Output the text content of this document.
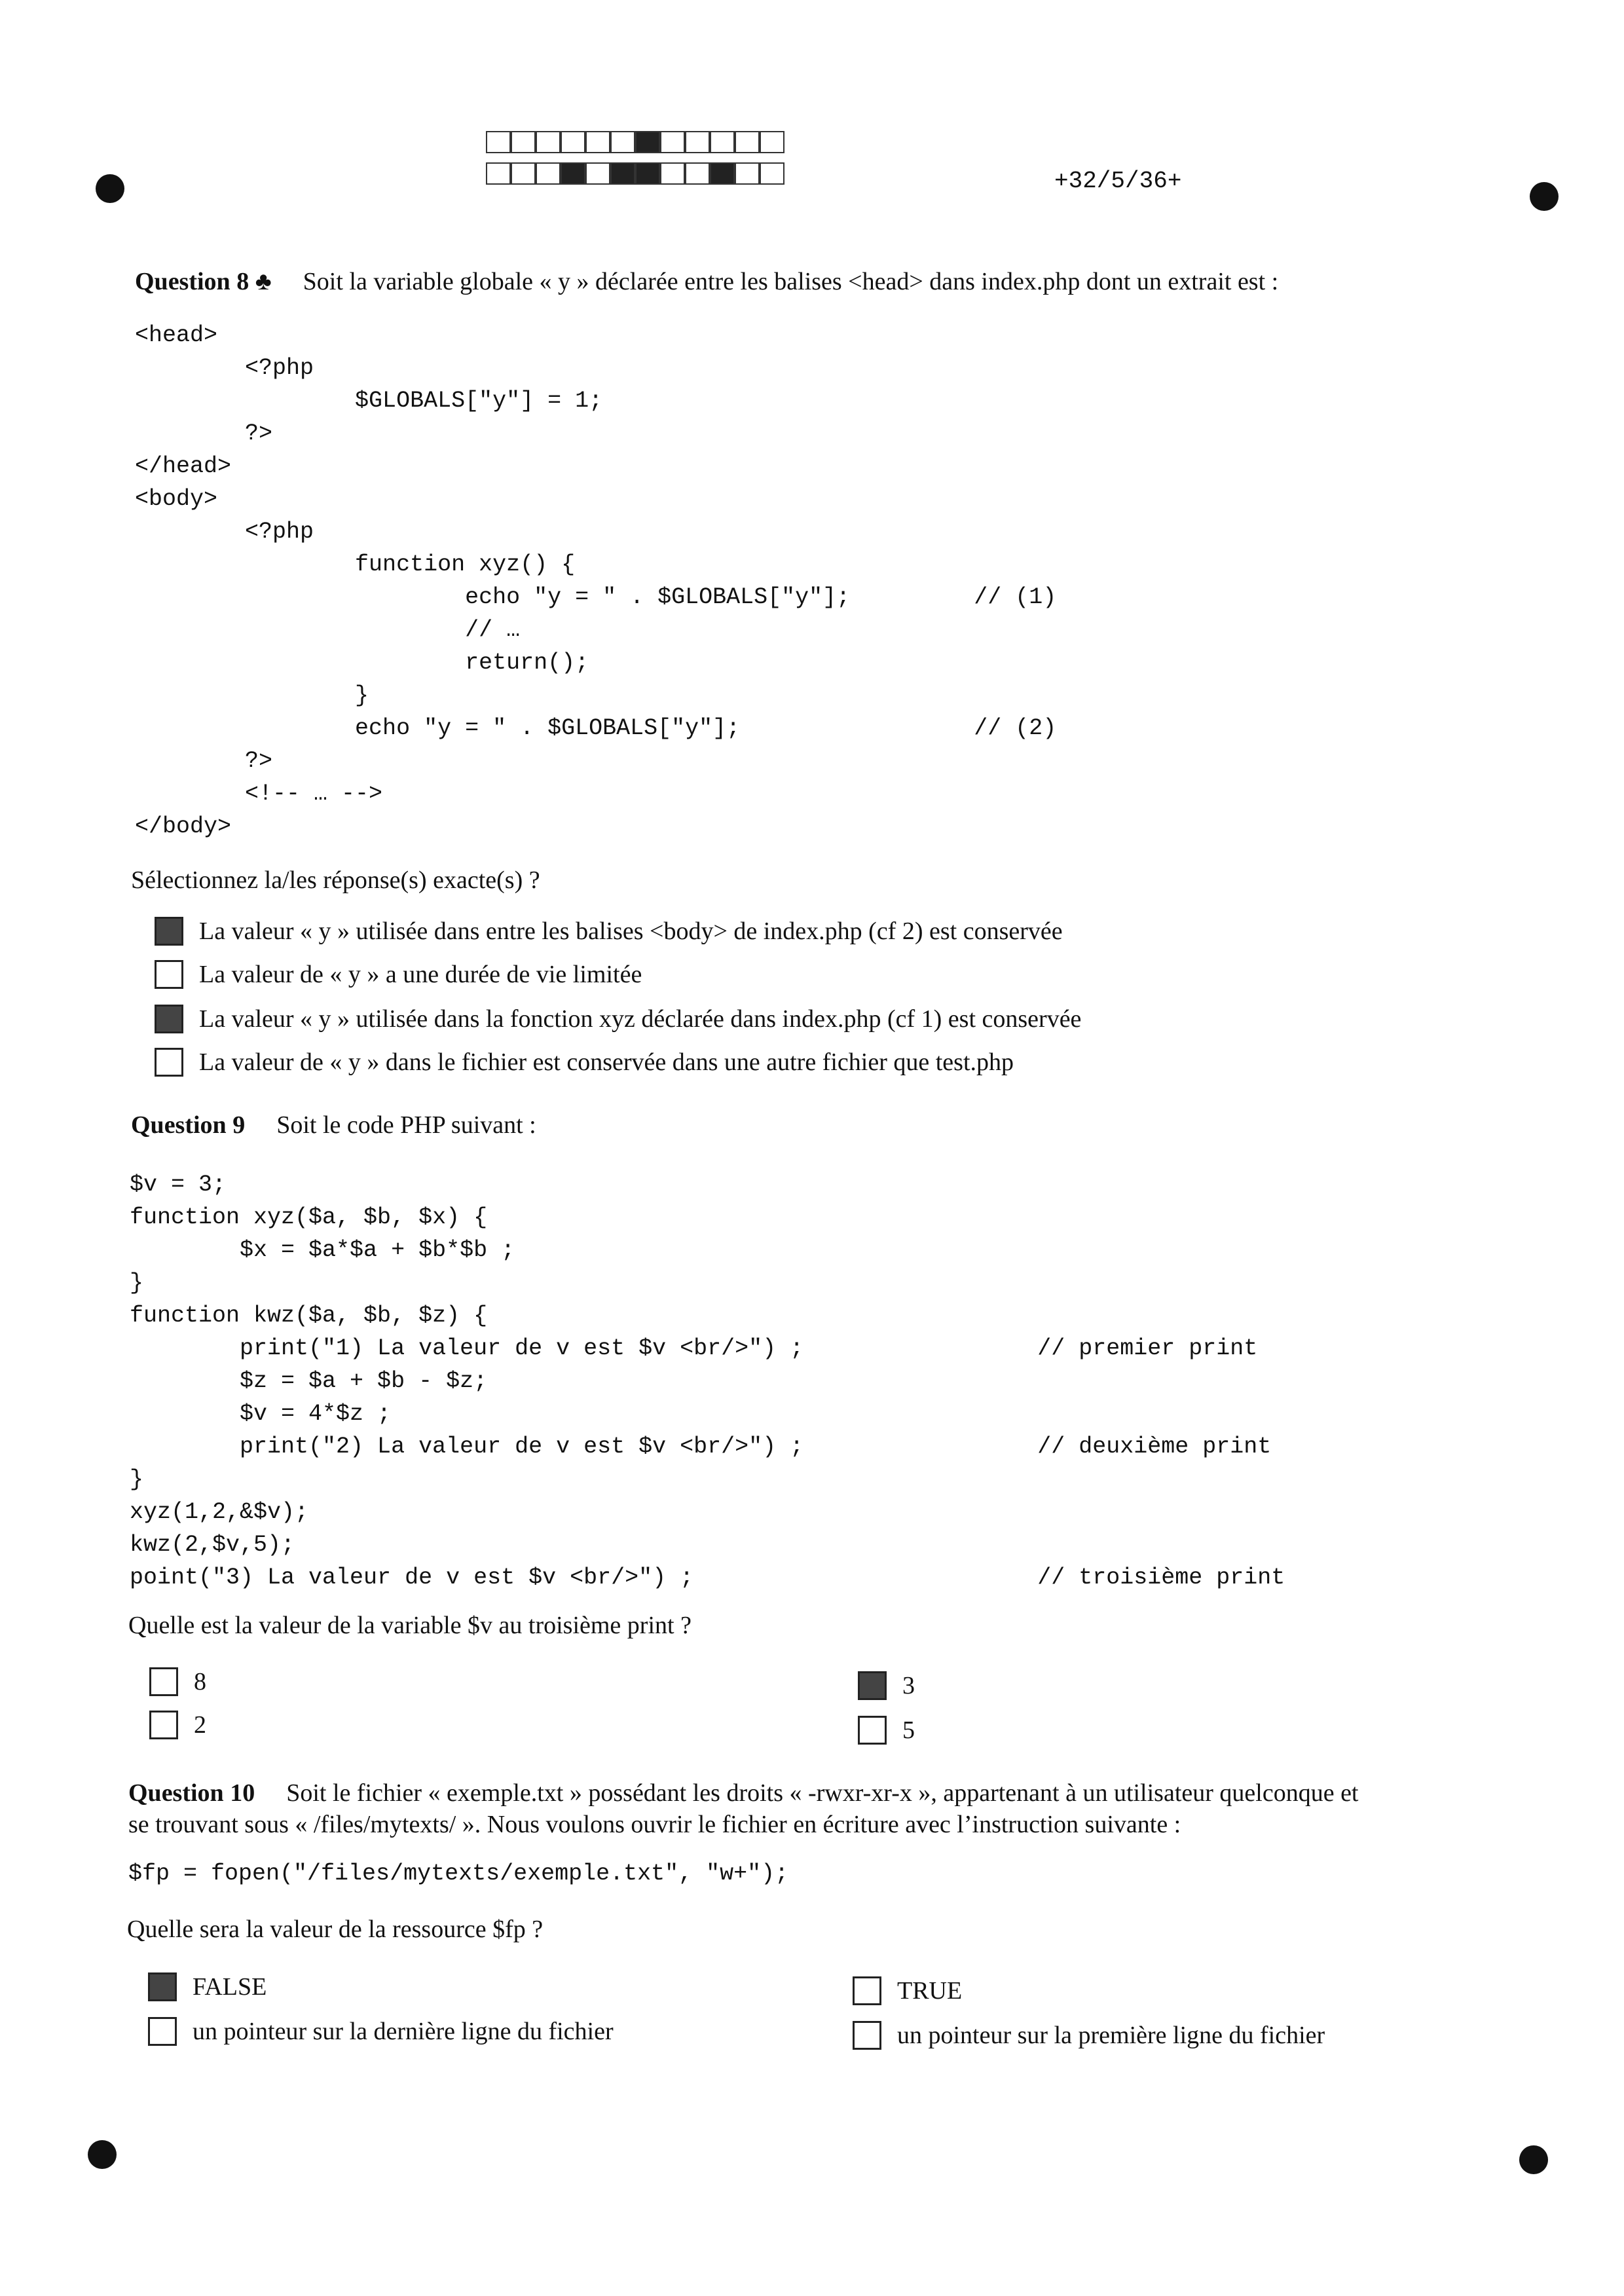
+32/5/36+
Question 8 ♣ Soit la variable globale « y » déclarée entre les balises <head> dans index.php dont un extrait est :
<head>
<?php
$GLOBALS["y"] = 1;
?>
</head>
<body>
<?php
function xyz() {
echo "y = " . $GLOBALS["y"];         // (1)
// …
return();
}
echo "y = " . $GLOBALS["y"];                 // (2)
?>
<!-- … -->
</body>
Sélectionnez la/les réponse(s) exacte(s) ?
La valeur « y » utilisée dans entre les balises <body> de index.php (cf 2) est conservée
La valeur de « y » a une durée de vie limitée
La valeur « y » utilisée dans la fonction xyz déclarée dans index.php (cf 1) est conservée
La valeur de « y » dans le fichier est conservée dans une autre fichier que test.php
Question 9 Soit le code PHP suivant :
$v = 3;
function xyz($a, $b, $x) {
$x = $a*$a + $b*$b ;
}
function kwz($a, $b, $z) {
print("1) La valeur de v est $v <br/>") ;                 // premier print
$z = $a + $b - $z;
$v = 4*$z ;
print("2) La valeur de v est $v <br/>") ;                 // deuxième print
}
xyz(1,2,&$v);
kwz(2,$v,5);
point("3) La valeur de v est $v <br/>") ;                         // troisième print
Quelle est la valeur de la variable $v au troisième print ?
8
2
3
5
Question 10 Soit le fichier « exemple.txt » possédant les droits « -rwxr-xr-x », appartenant à un utilisateur quelconque et
se trouvant sous « /files/mytexts/ ». Nous voulons ouvrir le fichier en écriture avec l’instruction suivante :
$fp = fopen("/files/mytexts/exemple.txt", "w+");
Quelle sera la valeur de la ressource $fp ?
FALSE
un pointeur sur la dernière ligne du fichier
TRUE
un pointeur sur la première ligne du fichier
